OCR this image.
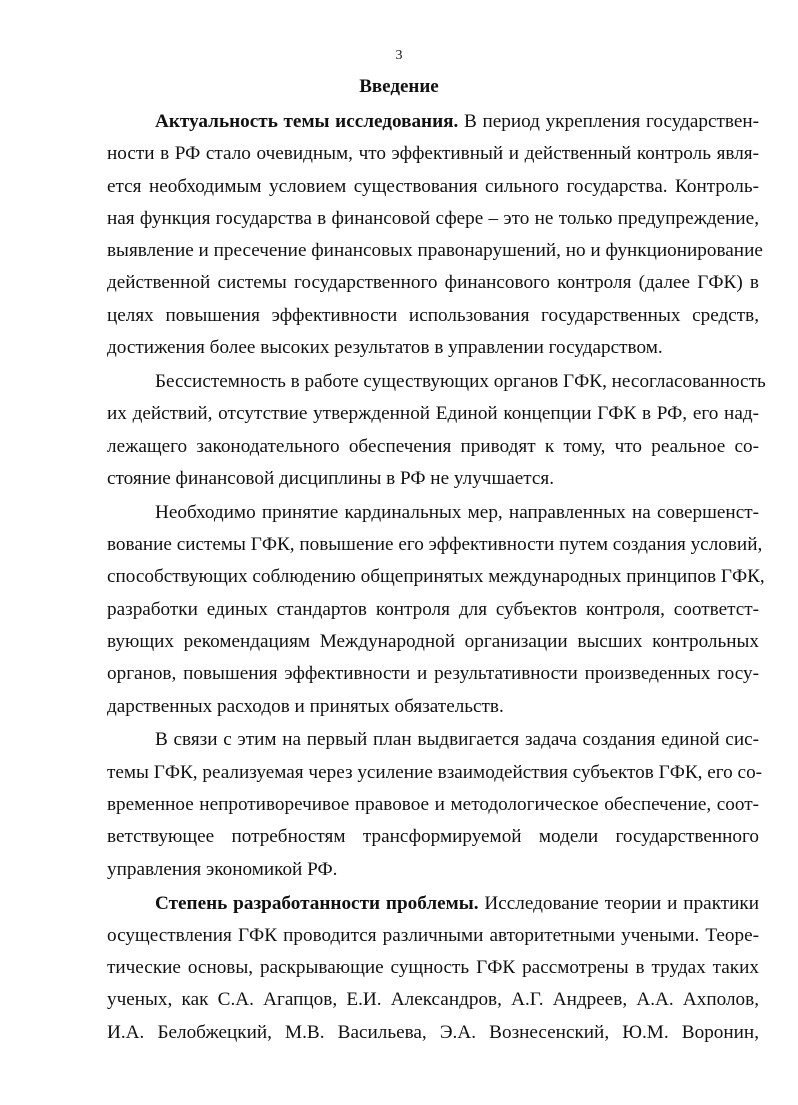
3
Введение
Актуальность темы исследования. В период укрепления государствен-
ности в РФ стало очевидным, что эффективный и действенный контроль явля-
ется необходимым условием существования сильного государства. Контроль-
ная функция государства в финансовой сфере – это не только предупреждение,
выявление и пресечение финансовых правонарушений, но и функционирование
действенной системы государственного финансового контроля (далее ГФК) в
целях повышения эффективности использования государственных средств,
достижения более высоких результатов в управлении государством.
Бессистемность в работе существующих органов ГФК, несогласованность
их действий, отсутствие утвержденной Единой концепции ГФК в РФ, его над-
лежащего законодательного обеспечения приводят к тому, что реальное со-
стояние финансовой дисциплины в РФ не улучшается.
Необходимо принятие кардинальных мер, направленных на совершенст-
вование системы ГФК, повышение его эффективности путем создания условий,
способствующих соблюдению общепринятых международных принципов ГФК,
разработки единых стандартов контроля для субъектов контроля, соответст-
вующих рекомендациям Международной организации высших контрольных
органов, повышения эффективности и результативности произведенных госу-
дарственных расходов и принятых обязательств.
В связи с этим на первый план выдвигается задача создания единой сис-
темы ГФК, реализуемая через усиление взаимодействия субъектов ГФК, его со-
временное непротиворечивое правовое и методологическое обеспечение, соот-
ветствующее потребностям трансформируемой модели государственного
управления экономикой РФ.
Степень разработанности проблемы. Исследование теории и практики
осуществления ГФК проводится различными авторитетными учеными. Теоре-
тические основы, раскрывающие сущность ГФК рассмотрены в трудах таких
ученых, как С.А. Агапцов, Е.И. Александров, А.Г. Андреев, А.А. Ахполов,
И.А. Белобжецкий, М.В. Васильева, Э.А. Вознесенский, Ю.М. Воронин,
